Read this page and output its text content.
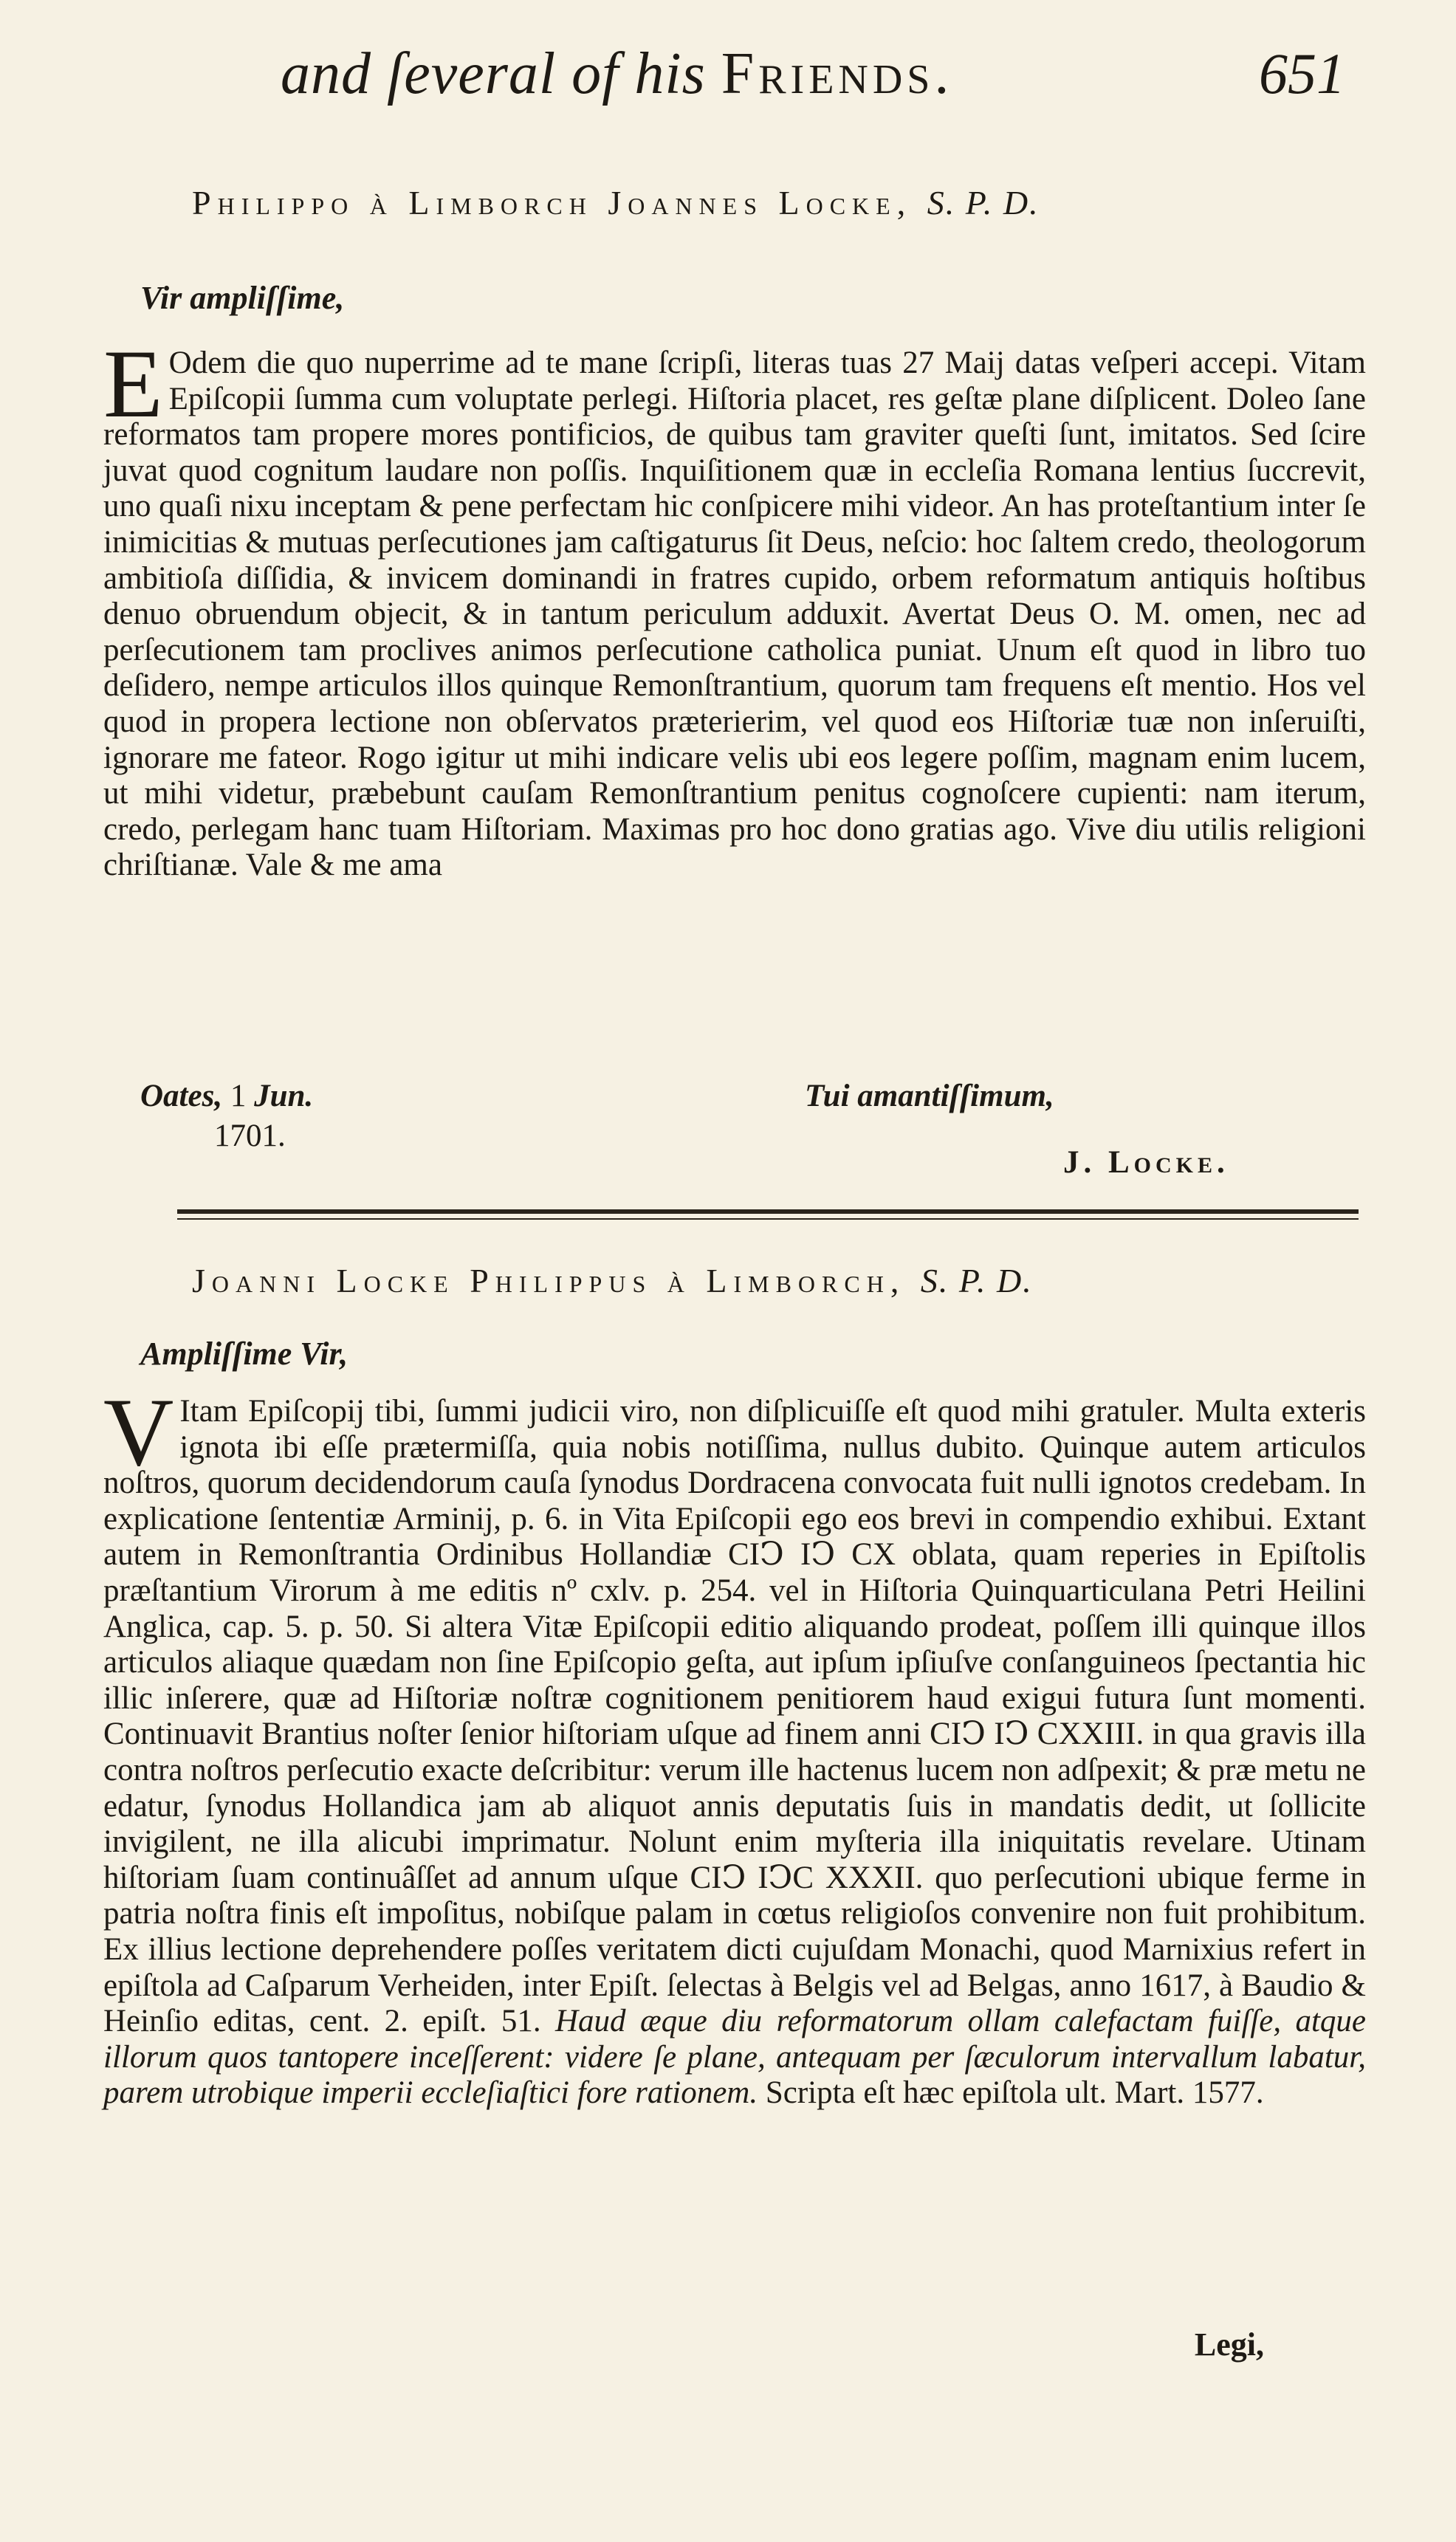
and ſeveral of his Friends.	651
Philippo à Limborch Joannes Locke, S. P. D.
Vir ampliſſime,
E Odem die quo nuperrime ad te mane ſcripſi, literas tuas 27 Maij datas veſperi accepi. Vitam Epiſcopii ſumma cum voluptate perlegi. Hiſtoria placet, res geſtæ plane diſplicent. Doleo ſane reformatos tam propere mores pontificios, de quibus tam graviter queſti ſunt, imitatos. Sed ſcire juvat quod cognitum laudare non poſſis. Inquiſitionem quæ in eccleſia Romana lentius ſuccrevit, uno quaſi nixu inceptam & pene perfectam hic conſpicere mihi videor. An has proteſtantium inter ſe inimicitias & mutuas perſecutiones jam caſtigaturus ſit Deus, neſcio: hoc ſaltem credo, theologorum ambitioſa diſſidia, & invicem dominandi in fratres cupido, orbem reformatum antiquis hoſtibus denuo obruendum objecit, & in tantum periculum adduxit. Avertat Deus O. M. omen, nec ad perſecutionem tam proclives animos perſecutione catholica puniat. Unum eſt quod in libro tuo deſidero, nempe articulos illos quinque Remonſtrantium, quorum tam frequens eſt mentio. Hos vel quod in propera lectione non obſervatos præterierim, vel quod eos Hiſtoriæ tuæ non inſeruiſti, ignorare me fateor. Rogo igitur ut mihi indicare velis ubi eos legere poſſim, magnam enim lucem, ut mihi videtur, præbebunt cauſam Remonſtrantium penitus cognoſcere cupienti: nam iterum, credo, perlegam hanc tuam Hiſtoriam. Maximas pro hoc dono gratias ago. Vive diu utilis religioni chriſtianæ. Vale & me ama
Oates, 1 Jun.	Tui amantiſſimum,
1701.
J. Locke.
Joanni Locke Philippus à Limborch, S. P. D.
Ampliſſime Vir,
V Itam Epiſcopij tibi, ſummi judicii viro, non diſplicuiſſe eſt quod mihi gratuler. Multa exteris ignota ibi eſſe prætermiſſa, quia nobis notiſſima, nullus dubito. Quinque autem articulos noſtros, quorum decidendorum cauſa ſynodus Dordracena convocata fuit nulli ignotos credebam. In explicatione ſententiæ Arminij, p. 6. in Vita Epiſcopii ego eos brevi in compendio exhibui. Extant autem in Remonſtrantia Ordinibus Hollandiæ CIↃ IↃ CX oblata, quam reperies in Epiſtolis præſtantium Virorum à me editis nº cxlv. p. 254. vel in Hiſtoria Quinquarticulana Petri Heilini Anglica, cap. 5. p. 50. Si altera Vitæ Epiſcopii editio aliquando prodeat, poſſem illi quinque illos articulos aliaque quædam non ſine Epiſcopio geſta, aut ipſum ipſiuſve conſanguineos ſpectantia hic illic inſerere, quæ ad Hiſtoriæ noſtræ cognitionem penitiorem haud exigui futura ſunt momenti. Continuavit Brantius noſter ſenior hiſtoriam uſque ad finem anni CIↃ IↃ CXXIII. in qua gravis illa contra noſtros perſecutio exacte deſcribitur: verum ille hactenus lucem non adſpexit; & præ metu ne edatur, ſynodus Hollandica jam ab aliquot annis deputatis ſuis in mandatis dedit, ut ſollicite invigilent, ne illa alicubi imprimatur. Nolunt enim myſteria illa iniquitatis revelare. Utinam hiſtoriam ſuam continuâſſet ad annum uſque CIↃ IↃC XXXII. quo perſecutioni ubique ferme in patria noſtra finis eſt impoſitus, nobiſque palam in cœtus religioſos convenire non fuit prohibitum. Ex illius lectione deprehendere poſſes veritatem dicti cujuſdam Monachi, quod Marnixius refert in epiſtola ad Caſparum Verheiden, inter Epiſt. ſelectas à Belgis vel ad Belgas, anno 1617, à Baudio & Heinſio editas, cent. 2. epiſt. 51. Haud æque diu reformatorum ollam calefactam fuiſſe, atque illorum quos tantopere inceſſerent: videre ſe plane, antequam per ſæculorum intervallum labatur, parem utrobique imperii eccleſiaſtici fore rationem. Scripta eſt hæc epiſtola ult. Mart. 1577.
Legi,
